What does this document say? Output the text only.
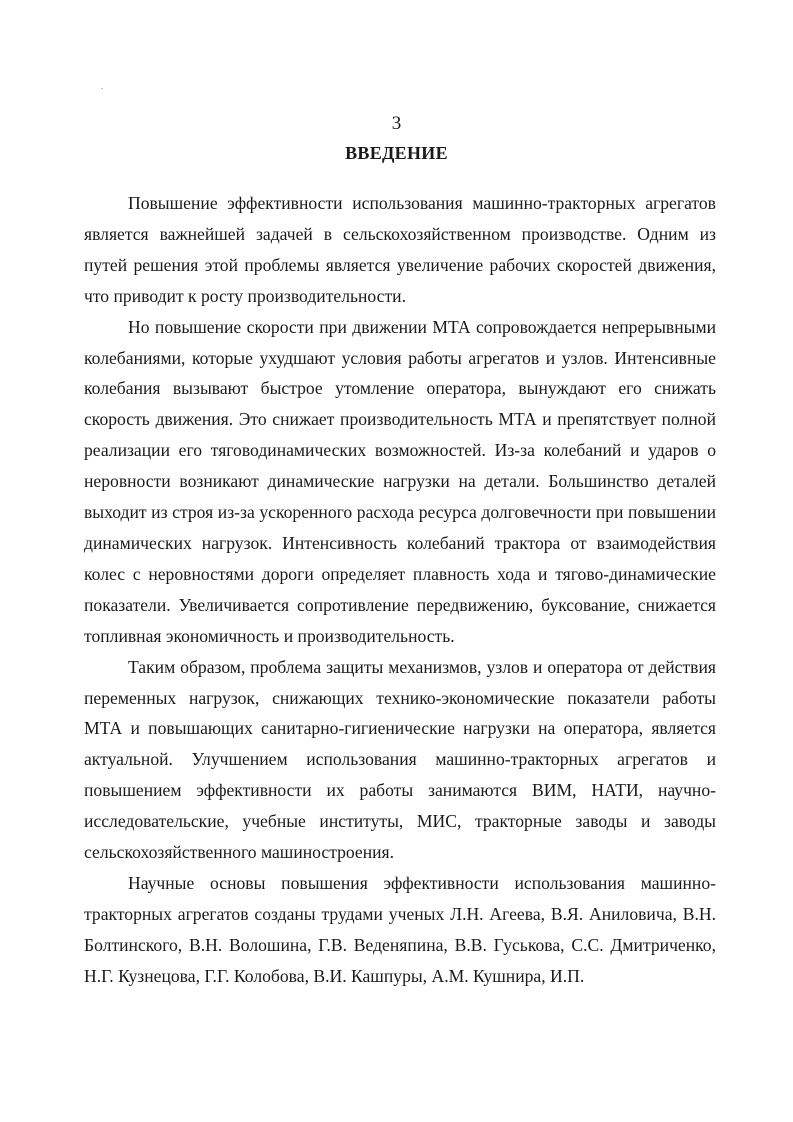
3
ВВЕДЕНИЕ

Повышение эффективности использования машинно-тракторных агрегатов является важнейшей задачей в сельскохозяйственном производстве. Одним из путей решения этой проблемы является увеличение рабочих скоростей движения, что приводит к росту производительности.

Но повышение скорости при движении МТА сопровождается непрерывными колебаниями, которые ухудшают условия работы агрегатов и узлов. Интенсивные колебания вызывают быстрое утомление оператора, вынуждают его снижать скорость движения. Это снижает производительность МТА и препятствует полной реализации его тяговодинамических возможностей. Из-за колебаний и ударов о неровности возникают динамические нагрузки на детали. Большинство деталей выходит из строя из-за ускоренного расхода ресурса долговечности при повышении динамических нагрузок. Интенсивность колебаний трактора от взаимодействия колес с неровностями дороги определяет плавность хода и тягово-динамические показатели. Увеличивается сопротивление передвижению, буксование, снижается топливная экономичность и производительность.

Таким образом, проблема защиты механизмов, узлов и оператора от действия переменных нагрузок, снижающих технико-экономические показатели работы МТА и повышающих санитарно-гигиенические нагрузки на оператора, является актуальной. Улучшением использования машинно-тракторных агрегатов и повышением эффективности их работы занимаются ВИМ, НАТИ, научно-исследовательские, учебные институты, МИС, тракторные заводы и заводы сельскохозяйственного машиностроения.

Научные основы повышения эффективности использования машинно-тракторных агрегатов созданы трудами ученых Л.Н. Агеева, В.Я. Аниловича, В.Н. Болтинского, В.Н. Волошина, Г.В. Веденяпина, В.В. Гуськова, С.С. Дмитриченко, Н.Г. Кузнецова, Г.Г. Колобова, В.И. Кашпуры, А.М. Кушнира, И.П.
